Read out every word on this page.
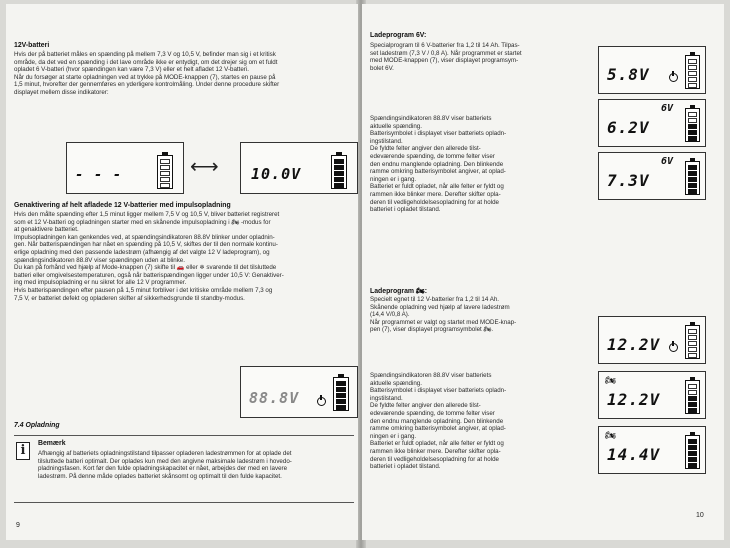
12V-batteri
Hvis der på batteriet måles en spænding på mellem 7,3 V og 10,5 V, befinder man sig i et kritisk
område, da det ved en spænding i det lave område ikke er entydigt, om det drejer sig om et fuldt
opladet 6 V-batteri (hvor spændingen kan være 7,3 V) eller et helt afladet 12 V-batteri.
Når du forsøger at starte opladningen ved at trykke på MODE-knappen (7), startes en pause på
1,5 minut, hvorefter der gennemføres en yderligere kontrolmåling. Under denne procedure skifter
displayet mellem disse indikatorer:
- - -	⟷ 10.0V
Genaktivering af helt afladede 12 V-batterier med impulsopladning
Hvis den målte spænding efter 1,5 minut ligger mellem 7,5 V og 10,5 V, bliver batteriet registreret
som et 12 V-batteri og opladningen starter med en skånende impulsopladning i 🏍 -modus for
at genaktivere batteriet.
Impulsopladningen kan genkendes ved, at spændingsindikatoren 88.8V blinker under opladnin-
gen. Når batterispændingen har nået en spænding på 10,5 V, skiftes der til den normale kontinu-
erlige opladning med den passende ladestrøm (afhængig af det valgte 12 V ladeprogram), og
spændingsindikatoren 88.8V viser spændingen uden at blinke.
Du kan på forhånd ved hjælp af Mode-knappen (7) skifte til 🚗 eller ❄ svarende til det tilsluttede
batteri eller omgivelsestemperaturen, også når batterispændingen ligger under 10,5 V: Genaktiver-
ing med impulsopladning er nu sikret for alle 12 V programmer.
Hvis batterispændingen efter pausen på 1,5 minut forbliver i det kritiske område mellem 7,3 og
7,5 V, er batteriet defekt og opladeren skifter af sikkerhedsgrunde til standby-modus.
88.8V
7.4 Opladning
i	Bemærk
Afhængig af batteriets opladningstilstand tilpasser opladeren ladestrømmen for at oplade det
tilsluttede batteri optimalt. Der oplades kun med den angivne maksimale ladestrøm i hovedo-
pladningsfasen. Kort før den fulde opladningskapacitet er nået, arbejdes der med en lavere
ladestrøm. På denne måde oplades batteriet skånsomt og optimalt til den fulde kapacitet.
9
Ladeprogram 6V:
Specialprogram til 6 V-batterier fra 1,2 til 14 Ah. Tilpas-
set ladestrøm (7,3 V / 0,8 A). Når programmet er startet
med MODE-knappen (7), viser displayet programsym-
bolet 6V.
Spændingsindikatoren 88.8V viser batteriets
aktuelle spænding.
Batterisymbolet i displayet viser batteriets opladn-
ingstilstand.
De fyldte felter angiver den allerede tilst-
edeværende spænding, de tomme felter viser
den endnu manglende opladning. Den blinkende
ramme omkring batterisymbolet angiver, at oplad-
ningen er i gang.
Batteriet er fuldt opladet, når alle felter er fyldt og
rammen ikke blinker mere. Derefter skifter opla-
deren til vedligeholdelsesopladning for at holde
batteriet i opladet tilstand.
5.8V
6V
6.2V
6V
7.3V
Ladeprogram 🏍:
Specielt egnet til 12 V-batterier fra 1,2 til 14 Ah.
Skånende opladning ved hjælp af lavere ladestrøm
(14,4 V/0,8 A).
Når programmet er valgt og startet med MODE-knap-
pen (7), viser displayet programsymbolet 🏍.
Spændingsindikatoren 88.8V viser batteriets
aktuelle spænding.
Batterisymbolet i displayet viser batteriets opladn-
ingstilstand.
De fyldte felter angiver den allerede tilst-
edeværende spænding, de tomme felter viser
den endnu manglende opladning. Den blinkende
ramme omkring batterisymbolet angiver, at oplad-
ningen er i gang.
Batteriet er fuldt opladet, når alle felter er fyldt og
rammen ikke blinker mere. Derefter skifter opla-
deren til vedligeholdelsesopladning for at holde
batteriet i opladet tilstand.
12.2V
🏍
12.2V
🏍
14.4V
10
